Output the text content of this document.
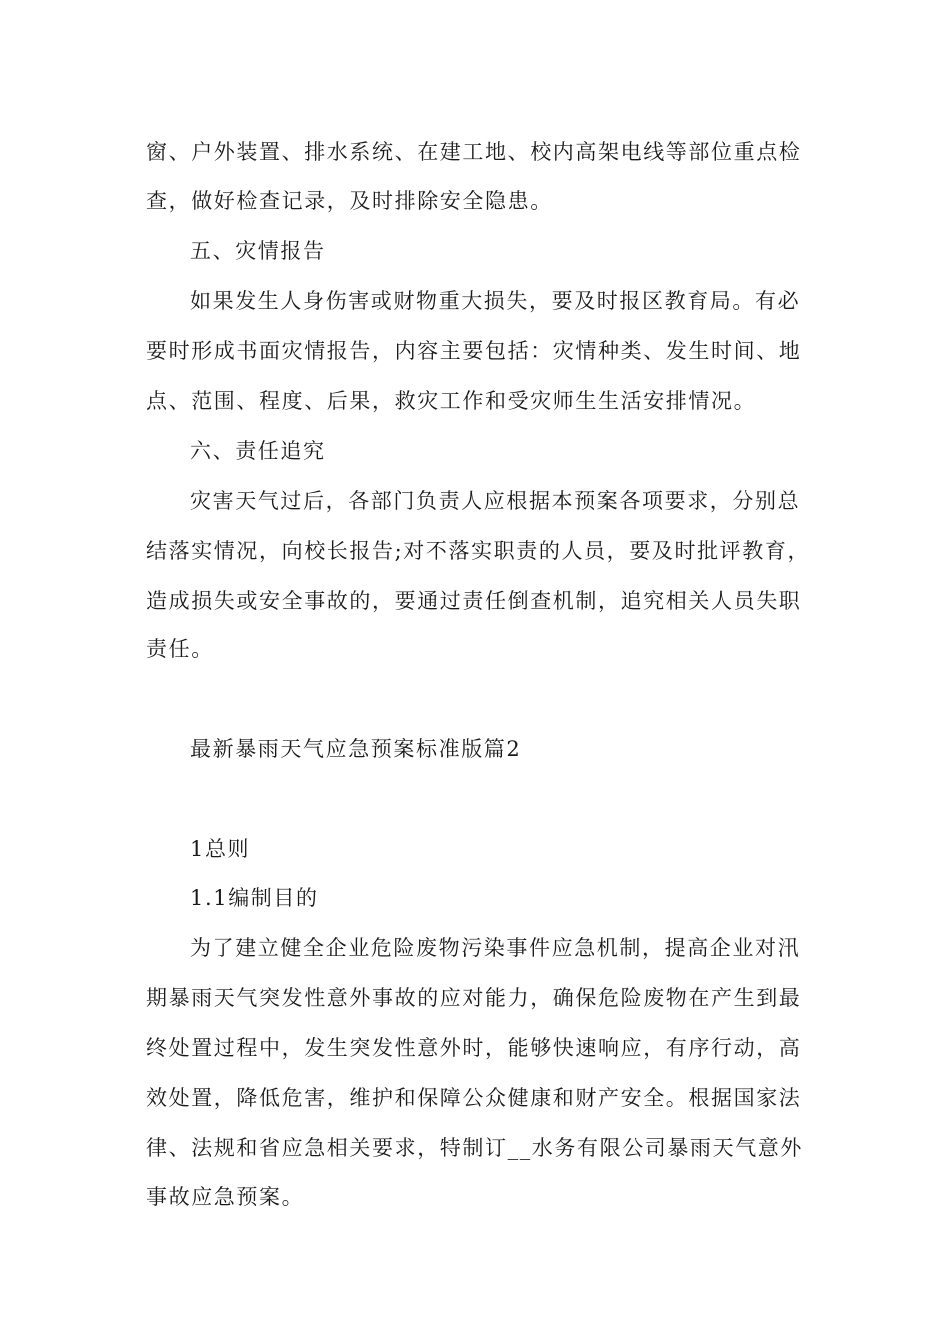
窗、户外装置、排水系统、在建工地、校内高架电线等部位重点检
查，做好检查记录，及时排除安全隐患。
五、灾情报告
如果发生人身伤害或财物重大损失，要及时报区教育局。有必
要时形成书面灾情报告，内容主要包括：灾情种类、发生时间、地
点、范围、程度、后果，救灾工作和受灾师生生活安排情况。
六、责任追究
灾害天气过后，各部门负责人应根据本预案各项要求，分别总
结落实情况，向校长报告;对不落实职责的人员，要及时批评教育，
造成损失或安全事故的，要通过责任倒查机制，追究相关人员失职
责任。
最新暴雨天气应急预案标准版篇2
1总则
1.1编制目的
为了建立健全企业危险废物污染事件应急机制，提高企业对汛
期暴雨天气突发性意外事故的应对能力，确保危险废物在产生到最
终处置过程中，发生突发性意外时，能够快速响应，有序行动，高
效处置，降低危害，维护和保障公众健康和财产安全。根据国家法
律、法规和省应急相关要求，特制订__水务有限公司暴雨天气意外
事故应急预案。
